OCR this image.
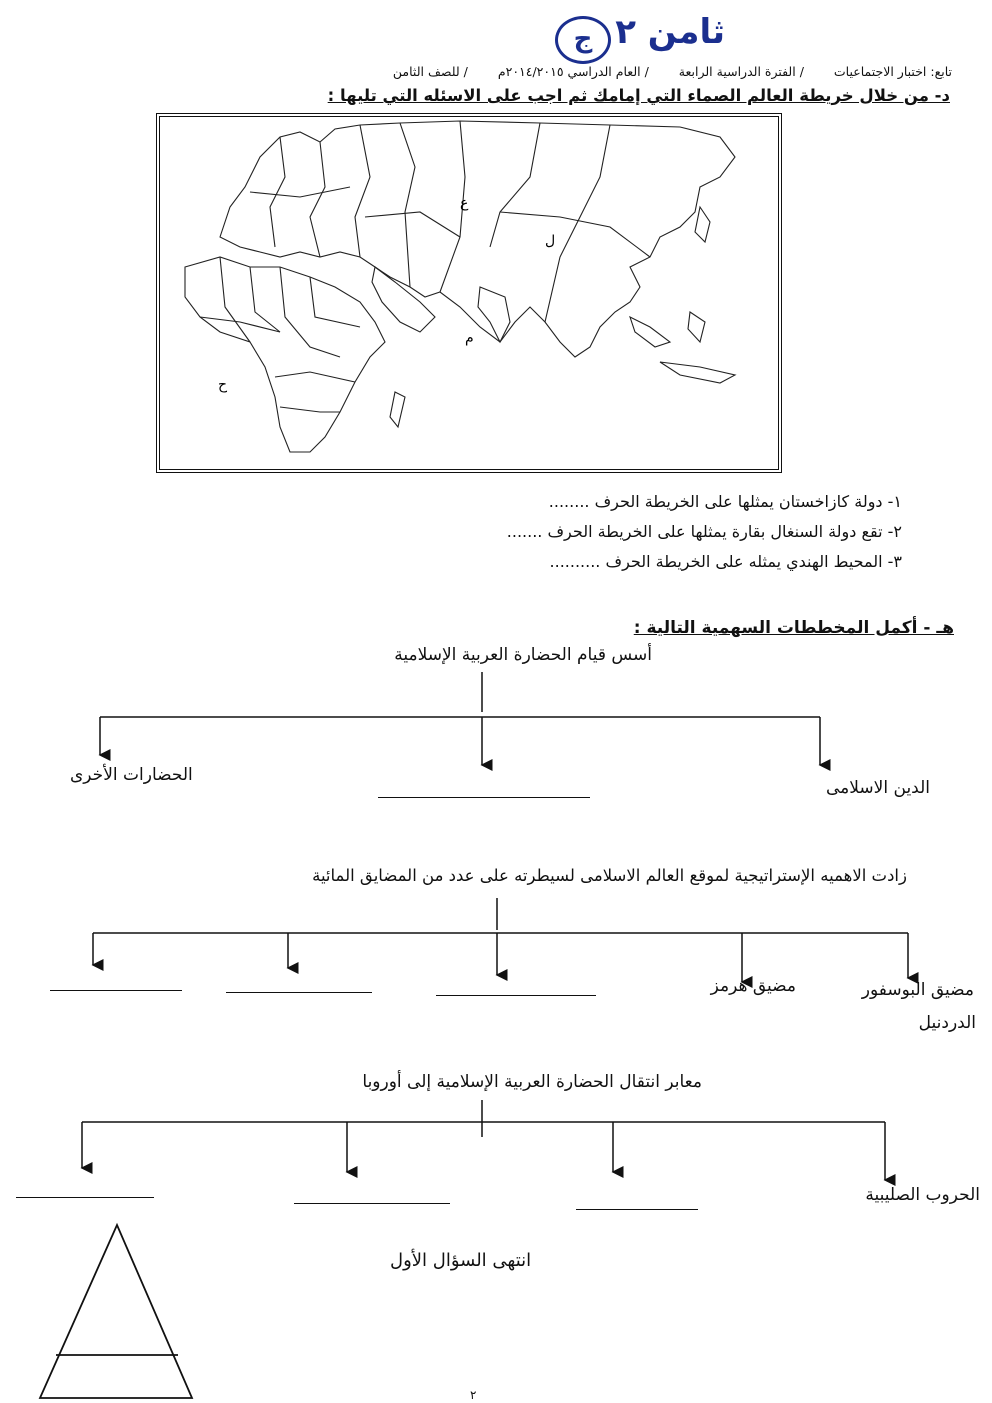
ثامن ٢
ج
تابع: اختبار الاجتماعيات / الفترة الدراسية الرابعة / العام الدراسي ٢٠١٤/٢٠١٥م / للصف الثامن
د- من خلال خريطة العالم الصماء التي إمامك ثم اجب على الاسئله التي تليها :
ع
ل
م
ح
١- دولة كازاخستان يمثلها على الخريطة الحرف ........
٢- تقع دولة السنغال بقارة يمثلها على الخريطة الحرف .......
٣- المحيط الهندي يمثله على الخريطة الحرف ..........
هـ - أكمل المخططات السهمية التالية :
أسس قيام الحضارة العربية الإسلامية
الدين الاسلامى
الحضارات الأخرى
زادت الاهميه الإستراتيجية لموقع العالم الاسلامى لسيطرته على عدد من المضايق المائية
مضيق البوسفور
الدردنيل
مضيق هرمز
معابر انتقال الحضارة العربية الإسلامية إلى أوروبا
الحروب الصليبية
انتهى السؤال الأول
٢
